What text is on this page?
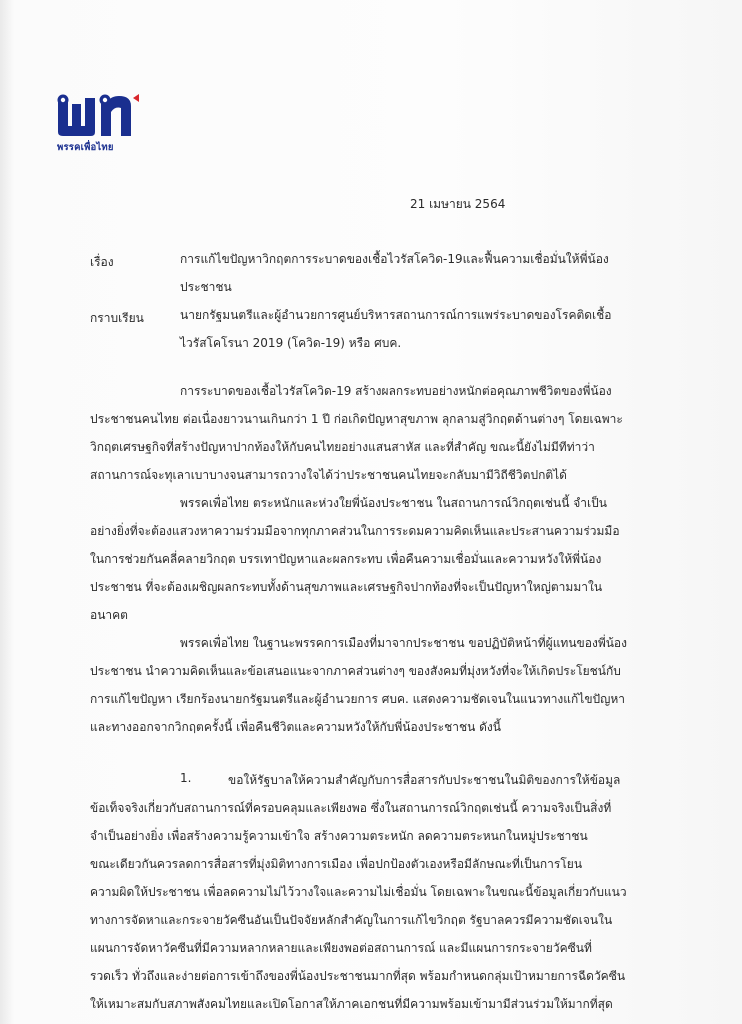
พรรคเพื่อไทย
21 เมษายน 2564
เรื่อง	การแก้ไขปัญหาวิกฤตการระบาดของเชื้อไวรัสโควิด-19และฟื้นความเชื่อมั่นให้พี่น้อง
ประชาชน
กราบเรียน	นายกรัฐมนตรีและผู้อำนวยการศูนย์บริหารสถานการณ์การแพร่ระบาดของโรคติดเชื้อ
ไวรัสโคโรนา 2019 (โควิด-19) หรือ ศบค.
การระบาดของเชื้อไวรัสโควิด-19 สร้างผลกระทบอย่างหนักต่อคุณภาพชีวิตของพี่น้อง
ประชาชนคนไทย ต่อเนื่องยาวนานเกินกว่า 1 ปี ก่อเกิดปัญหาสุขภาพ ลุกลามสู่วิกฤตด้านต่างๆ โดยเฉพาะ
วิกฤตเศรษฐกิจที่สร้างปัญหาปากท้องให้กับคนไทยอย่างแสนสาหัส และที่สำคัญ ขณะนี้ยังไม่มีทีท่าว่า
สถานการณ์จะทุเลาเบาบางจนสามารถวางใจได้ว่าประชาชนคนไทยจะกลับมามีวิถีชีวิตปกติได้
พรรคเพื่อไทย ตระหนักและห่วงใยพี่น้องประชาชน ในสถานการณ์วิกฤตเช่นนี้ จำเป็น
อย่างยิ่งที่จะต้องแสวงหาความร่วมมือจากทุกภาคส่วนในการระดมความคิดเห็นและประสานความร่วมมือ
ในการช่วยกันคลี่คลายวิกฤต บรรเทาปัญหาและผลกระทบ เพื่อคืนความเชื่อมั่นและความหวังให้พี่น้อง
ประชาชน ที่จะต้องเผชิญผลกระทบทั้งด้านสุขภาพและเศรษฐกิจปากท้องที่จะเป็นปัญหาใหญ่ตามมาใน
อนาคต
พรรคเพื่อไทย ในฐานะพรรคการเมืองที่มาจากประชาชน ขอปฏิบัติหน้าที่ผู้แทนของพี่น้อง
ประชาชน นำความคิดเห็นและข้อเสนอแนะจากภาคส่วนต่างๆ ของสังคมที่มุ่งหวังที่จะให้เกิดประโยชน์กับ
การแก้ไขปัญหา เรียกร้องนายกรัฐมนตรีและผู้อำนวยการ ศบค. แสดงความชัดเจนในแนวทางแก้ไขปัญหา
และทางออกจากวิกฤตครั้งนี้ เพื่อคืนชีวิตและความหวังให้กับพี่น้องประชาชน ดังนี้
1.	ขอให้รัฐบาลให้ความสำคัญกับการสื่อสารกับประชาชนในมิติของการให้ข้อมูล
ข้อเท็จจริงเกี่ยวกับสถานการณ์ที่ครอบคลุมและเพียงพอ ซึ่งในสถานการณ์วิกฤตเช่นนี้ ความจริงเป็นสิ่งที่
จำเป็นอย่างยิ่ง เพื่อสร้างความรู้ความเข้าใจ สร้างความตระหนัก ลดความตระหนกในหมู่ประชาชน
ขณะเดียวกันควรลดการสื่อสารที่มุ่งมิติทางการเมือง เพื่อปกป้องตัวเองหรือมีลักษณะที่เป็นการโยน
ความผิดให้ประชาชน เพื่อลดความไม่ไว้วางใจและความไม่เชื่อมั่น โดยเฉพาะในขณะนี้ข้อมูลเกี่ยวกับแนว
ทางการจัดหาและกระจายวัคซีนอันเป็นปัจจัยหลักสำคัญในการแก้ไขวิกฤต รัฐบาลควรมีความชัดเจนใน
แผนการจัดหาวัคซีนที่มีความหลากหลายและเพียงพอต่อสถานการณ์ และมีแผนการกระจายวัคซีนที่
รวดเร็ว ทั่วถึงและง่ายต่อการเข้าถึงของพี่น้องประชาชนมากที่สุด พร้อมกำหนดกลุ่มเป้าหมายการฉีดวัคซีน
ให้เหมาะสมกับสภาพสังคมไทยและเปิดโอกาสให้ภาคเอกชนที่มีความพร้อมเข้ามามีส่วนร่วมให้มากที่สุด
